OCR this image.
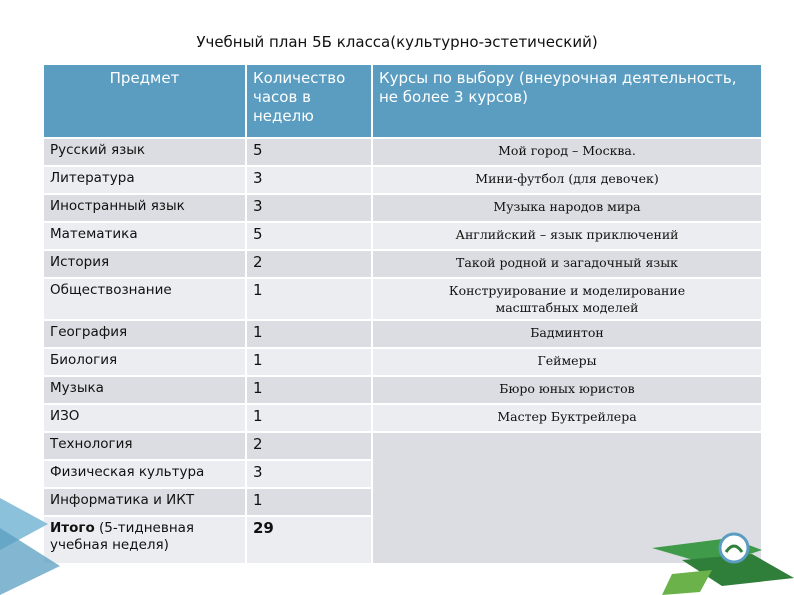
Учебный план 5Б класса(культурно-эстетический)
Предмет	Количество часов в неделю	Курсы по выбору (внеурочная деятельность, не более 3 курсов)
Русский язык	5	Мой город – Москва.
Литература	3	Мини-футбол (для девочек)
Иностранный язык	3	Музыка народов мира
Математика	5	Английский – язык приключений
История	2	Такой родной и загадочный язык
Обществознание	1	Конструирование и моделирование масштабных моделей
География	1	Бадминтон
Биология	1	Геймеры
Музыка	1	Бюро юных юристов
ИЗО	1	Мастер Буктрейлера
Технология	2	
Физическая культура	3	
Информатика и ИКТ	1	
Итого (5-тидневная учебная неделя)	29	
